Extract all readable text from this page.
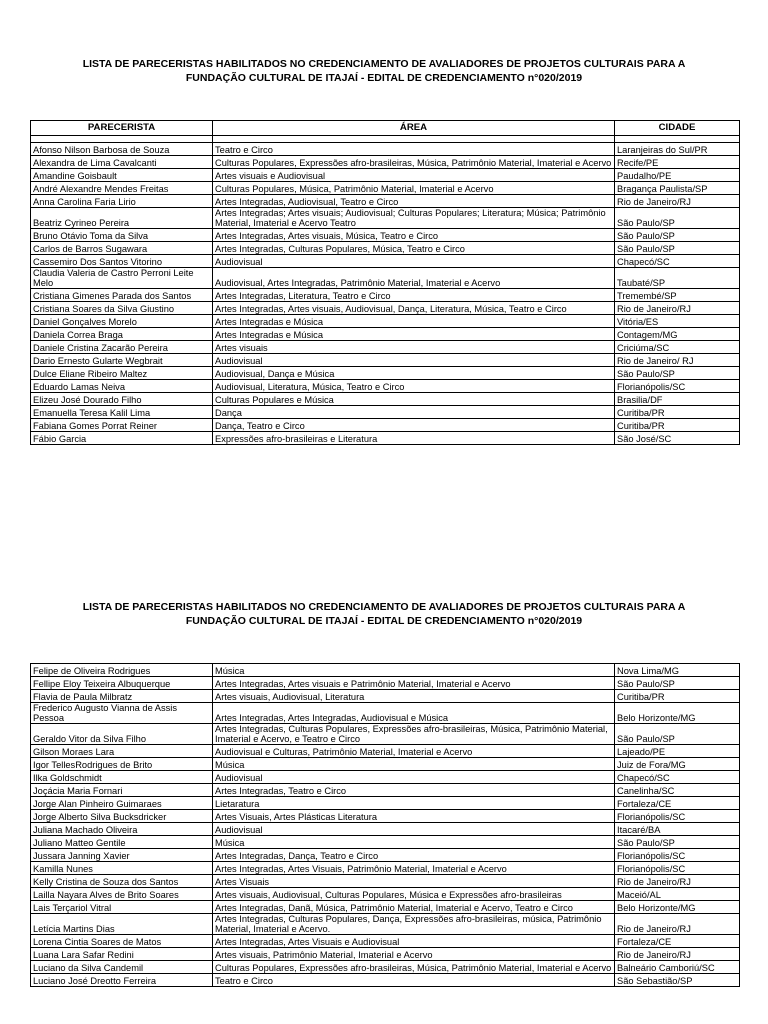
LISTA DE PARECERISTAS HABILITADOS NO CREDENCIAMENTO DE AVALIADORES DE PROJETOS CULTURAIS PARA A
FUNDAÇÃO CULTURAL DE ITAJAÍ - EDITAL DE CREDENCIAMENTO n°020/2019
PARECERISTA	ÁREA	CIDADE

Afonso Nilson Barbosa de Souza	Teatro e Circo	Laranjeiras do Sul/PR
Alexandra de Lima Cavalcanti	Culturas Populares, Expressões afro-brasileiras, Música, Patrimônio Material, Imaterial e Acervo	Recife/PE
Amandine Goisbault	Artes visuais e Audiovisual	Paudalho/PE
André Alexandre Mendes Freitas	Culturas Populares, Música, Patrimônio Material, Imaterial e Acervo	Bragança Paulista/SP
Anna Carolina Faria Lirio	Artes Integradas, Audiovisual, Teatro e Circo	Rio de Janeiro/RJ
Beatriz Cyrineo Pereira	Artes Integradas; Artes visuais; Audiovisual; Culturas Populares; Literatura; Música; Patrimônio Material, Imaterial e Acervo Teatro	São Paulo/SP
Bruno Otávio Toma da Silva	Artes Integradas, Artes visuais, Música, Teatro e Circo	São Paulo/SP
Carlos de Barros Sugawara	Artes Integradas, Culturas Populares, Música, Teatro e Circo	São Paulo/SP
Cassemiro Dos Santos Vitorino	Audiovisual	Chapecó/SC
Claudia Valeria de Castro Perroni Leite Melo	Audiovisual, Artes Integradas, Patrimônio Material, Imaterial e Acervo	Taubaté/SP
Cristiana Gimenes Parada dos Santos	Artes Integradas, Literatura, Teatro e Circo	Tremembé/SP
Cristiana Soares da Silva Giustino	Artes Integradas, Artes visuais, Audiovisual, Dança, Literatura, Música, Teatro e Circo	Rio de Janeiro/RJ
Daniel Gonçalves Morelo	Artes Integradas e Música	Vitória/ES
Daniela Correa Braga	Artes Integradas e Música	Contagem/MG
Daniele Cristina Zacarão Pereira	Artes visuais	Criciúma/SC
Dario Ernesto Gularte Wegbrait	Audiovisual	Rio de Janeiro/ RJ
Dulce Eliane Ribeiro Maltez	Audiovisual, Dança e Música	São Paulo/SP
Eduardo Lamas Neiva	Audiovisual, Literatura, Música, Teatro e Circo	Florianópolis/SC
Elizeu José Dourado Filho	Culturas Populares e Música	Brasilia/DF
Emanuella Teresa Kalil Lima	Dança	Curitiba/PR
Fabiana Gomes Porrat Reiner	Dança, Teatro e Circo	Curitiba/PR
Fábio Garcia	Expressões afro-brasileiras e Literatura	São José/SC
LISTA DE PARECERISTAS HABILITADOS NO CREDENCIAMENTO DE AVALIADORES DE PROJETOS CULTURAIS PARA A
FUNDAÇÃO CULTURAL DE ITAJAÍ - EDITAL DE CREDENCIAMENTO n°020/2019
Felipe de Oliveira Rodrigues	Música	Nova Lima/MG
Fellipe Eloy Teixeira Albuquerque	Artes Integradas, Artes visuais e Patrimônio Material, Imaterial e Acervo	São Paulo/SP
Flavia de Paula Milbratz	Artes visuais, Audiovisual, Literatura	Curitiba/PR
Frederico Augusto Vianna de Assis Pessoa	Artes Integradas, Artes Integradas, Audiovisual e Música	Belo Horizonte/MG
Geraldo Vitor da Silva Filho	Artes Integradas, Culturas Populares, Expressões afro-brasileiras, Música, Patrimônio Material, Imaterial e Acervo, e Teatro e Circo	São Paulo/SP
Gilson Moraes Lara	Audiovisual e Culturas, Patrimônio Material, Imaterial e Acervo	Lajeado/PE
Igor TellesRodrigues de Brito	Música	Juiz de Fora/MG
Ilka Goldschmidt	Audiovisual	Chapecó/SC
Joçácia Maria Fornari	Artes Integradas, Teatro e Circo	Canelinha/SC
Jorge Alan Pinheiro Guimaraes	Lietaratura	Fortaleza/CE
Jorge Alberto Silva Bucksdricker	Artes Visuais, Artes Plásticas Literatura	Florianópolis/SC
Juliana Machado Oliveira	Audiovisual	Itacaré/BA
Juliano Matteo Gentile	Música	São Paulo/SP
Jussara Janning Xavier	Artes Integradas, Dança, Teatro e Circo	Florianópolis/SC
Kamilla Nunes	Artes Integradas, Artes Visuais, Patrimônio Material, Imaterial e Acervo	Florianópolis/SC
Kelly Cristina de Souza dos Santos	Artes Visuais	Rio de Janeiro/RJ
Lailla Nayara Alves de Brito Soares	Artes visuais, Audiovisual, Culturas Populares, Música e Expressões afro-brasileiras	Maceió/AL
Lais Terçariol Vitral	Artes Integradas, Danã, Música, Patrimônio Material, Imaterial e Acervo, Teatro e Circo	Belo Horizonte/MG
Letícia Martins Dias	Artes Integradas, Culturas Populares, Dança, Expressões afro-brasileiras, música, Patrimônio Material, Imaterial e Acervo.	Rio de Janeiro/RJ
Lorena Cintia Soares de Matos	Artes Integradas, Artes Visuais e Audiovisual	Fortaleza/CE
Luana Lara Safar Redini	Artes visuais, Patrimônio Material, Imaterial e Acervo	Rio de Janeiro/RJ
Luciano da Silva Candemil	Culturas Populares, Expressões afro-brasileiras, Música, Patrimônio Material, Imaterial e Acervo	Balneário Camboriú/SC
Luciano José Dreotto Ferreira	Teatro e Circo	São Sebastião/SP
